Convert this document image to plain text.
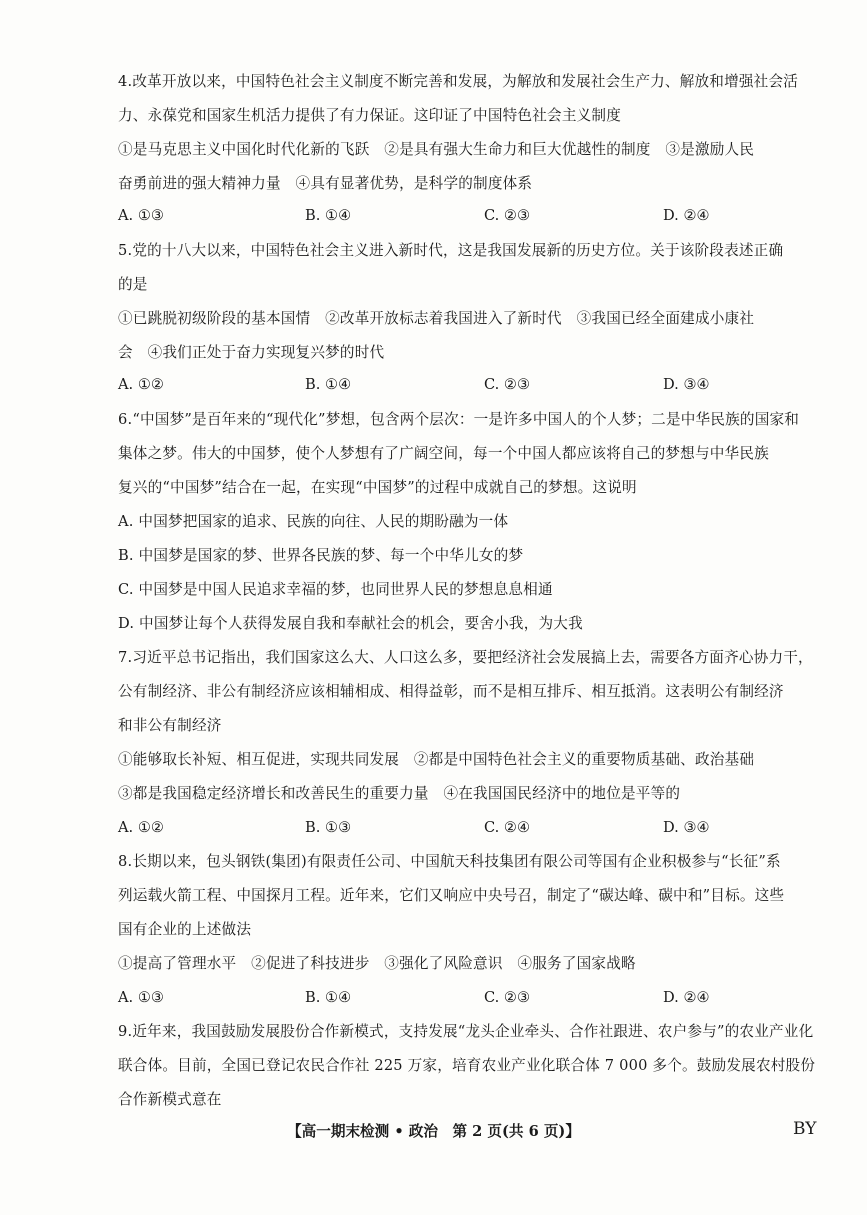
4.改革开放以来，中国特色社会主义制度不断完善和发展，为解放和发展社会生产力、解放和增强社会活
力、永葆党和国家生机活力提供了有力保证。这印证了中国特色社会主义制度
①是马克思主义中国化时代化新的飞跃　②是具有强大生命力和巨大优越性的制度　③是激励人民
奋勇前进的强大精神力量　④具有显著优势，是科学的制度体系
A. ①③	B. ①④	C. ②③	D. ②④
5.党的十八大以来，中国特色社会主义进入新时代，这是我国发展新的历史方位。关于该阶段表述正确
的是
①已跳脱初级阶段的基本国情　②改革开放标志着我国进入了新时代　③我国已经全面建成小康社
会　④我们正处于奋力实现复兴梦的时代
A. ①②	B. ①④	C. ②③	D. ③④
6.“中国梦”是百年来的“现代化”梦想，包含两个层次：一是许多中国人的个人梦；二是中华民族的国家和
集体之梦。伟大的中国梦，使个人梦想有了广阔空间，每一个中国人都应该将自己的梦想与中华民族
复兴的“中国梦”结合在一起，在实现“中国梦”的过程中成就自己的梦想。这说明
A. 中国梦把国家的追求、民族的向往、人民的期盼融为一体
B. 中国梦是国家的梦、世界各民族的梦、每一个中华儿女的梦
C. 中国梦是中国人民追求幸福的梦，也同世界人民的梦想息息相通
D. 中国梦让每个人获得发展自我和奉献社会的机会，要舍小我，为大我
7.习近平总书记指出，我们国家这么大、人口这么多，要把经济社会发展搞上去，需要各方面齐心协力干，
公有制经济、非公有制经济应该相辅相成、相得益彰，而不是相互排斥、相互抵消。这表明公有制经济
和非公有制经济
①能够取长补短、相互促进，实现共同发展　②都是中国特色社会主义的重要物质基础、政治基础
③都是我国稳定经济增长和改善民生的重要力量　④在我国国民经济中的地位是平等的
A. ①②	B. ①③	C. ②④	D. ③④
8.长期以来，包头钢铁(集团)有限责任公司、中国航天科技集团有限公司等国有企业积极参与“长征”系
列运载火箭工程、中国探月工程。近年来，它们又响应中央号召，制定了“碳达峰、碳中和”目标。这些
国有企业的上述做法
①提高了管理水平　②促进了科技进步　③强化了风险意识　④服务了国家战略
A. ①③	B. ①④	C. ②③	D. ②④
9.近年来，我国鼓励发展股份合作新模式，支持发展“龙头企业牵头、合作社跟进、农户参与”的农业产业化
联合体。目前，全国已登记农民合作社 225 万家，培育农业产业化联合体 7 000 多个。鼓励发展农村股份
合作新模式意在
【高一期末检测 • 政治　第 2 页(共 6 页)】	BY
